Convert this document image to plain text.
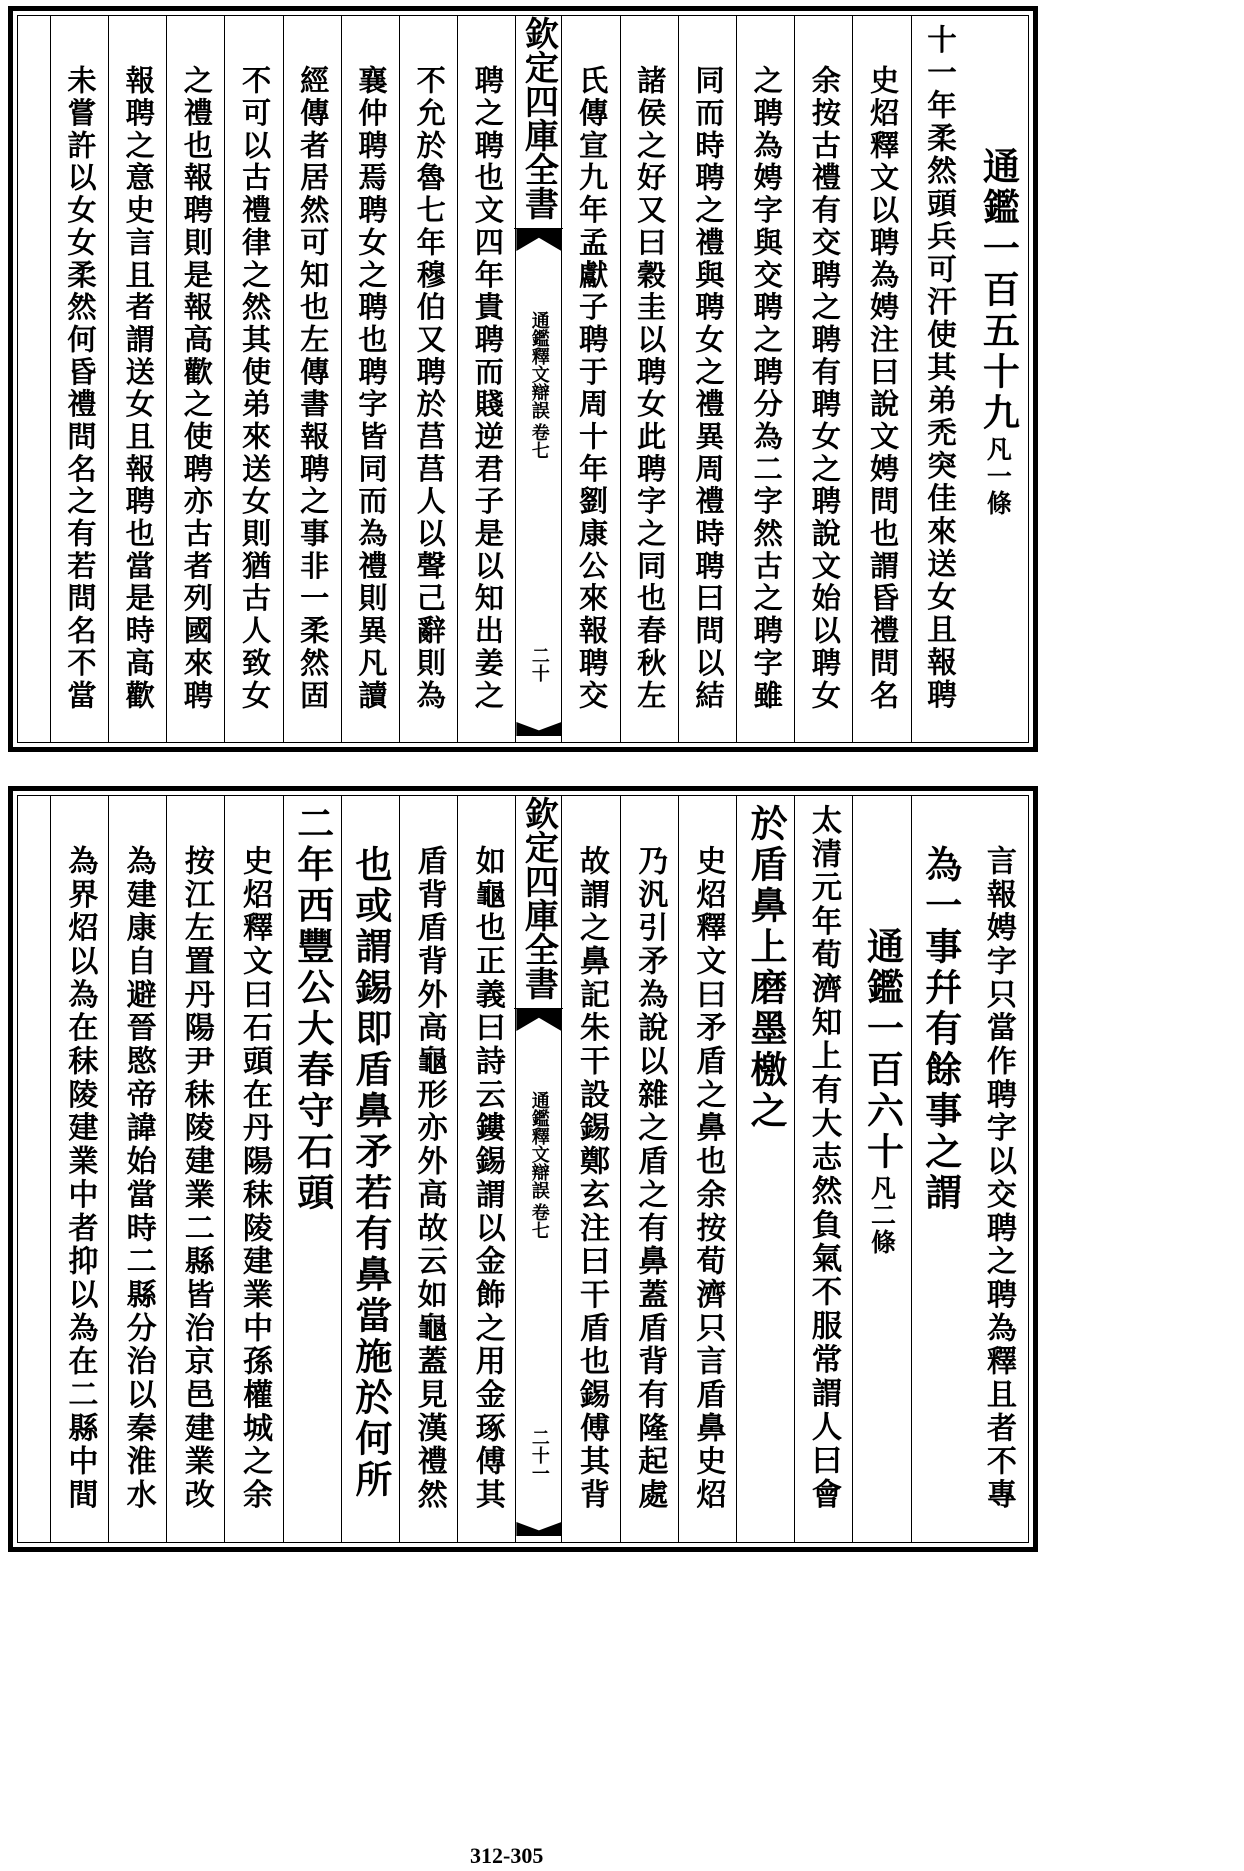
通鑑一百五十九
凡一條
十一年柔然頭兵可汗使其弟禿突佳來送女且報聘
史炤釋文以聘為娉注曰說文娉問也謂昏禮問名
余按古禮有交聘之聘有聘女之聘說文始以聘女
之聘為娉字與交聘之聘分為二字然古之聘字雖
同而時聘之禮與聘女之禮異周禮時聘曰問以結
諸侯之好又曰穀圭以聘女此聘字之同也春秋左
氏傳宣九年孟獻子聘于周十年劉康公來報聘交
欽定四庫全書
通鑑釋文辯誤
卷七
二十
聘之聘也文四年貴聘而賤逆君子是以知出姜之
不允於魯七年穆伯又聘於莒莒人以聲己辭則為
襄仲聘焉聘女之聘也聘字皆同而為禮則異凡讀
經傳者居然可知也左傳書報聘之事非一柔然固
不可以古禮律之然其使弟來送女則猶古人致女
之禮也報聘則是報高歡之使聘亦古者列國來聘
報聘之意史言且者謂送女且報聘也當是時高歡
未嘗許以女女柔然何昏禮問名之有若問名不當
言報娉字只當作聘字以交聘之聘為釋且者不專
為一事幷有餘事之謂
通鑑一百六十
凡二條
太清元年荀濟知上有大志然負氣不服常謂人曰會
於盾鼻上磨墨檄之
史炤釋文曰矛盾之鼻也余按荀濟只言盾鼻史炤
乃汎引矛為說以雜之盾之有鼻蓋盾背有隆起處
故謂之鼻記朱干設錫鄭玄注曰干盾也錫傅其背
欽定四庫全書
通鑑釋文辯誤
卷七
二十一
如龜也正義曰詩云鏤錫謂以金飾之用金琢傅其
盾背盾背外高龜形亦外高故云如龜蓋見漢禮然
也或謂錫即盾鼻矛若有鼻當施於何所
二年西豐公大春守石頭
史炤釋文曰石頭在丹陽秣陵建業中孫權城之余
按江左置丹陽尹秣陵建業二縣皆治京邑建業改
為建康自避晉愍帝諱始當時二縣分治以秦淮水
為界炤以為在秣陵建業中者抑以為在二縣中間
312-305
